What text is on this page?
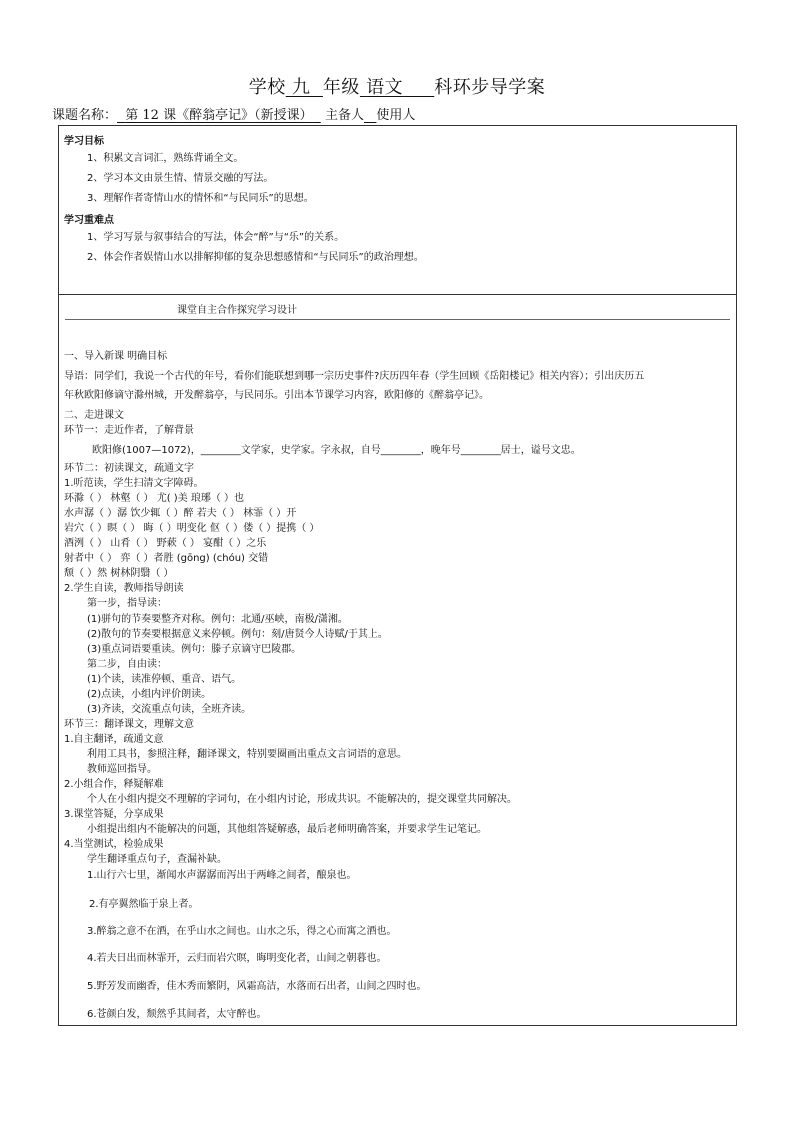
学校 九 年级 语文 科环步导学案
课题名称： 第 12 课《醉翁亭记》（新授课） 主备人 使用人
学习目标
1、积累文言词汇，熟练背诵全文。
2、学习本文由景生情、情景交融的写法。
3、理解作者寄情山水的情怀和“与民同乐”的思想。
学习重难点
1、学习写景与叙事结合的写法，体会“醉”与“乐”的关系。
2、体会作者娱情山水以排解抑郁的复杂思想感情和“与民同乐”的政治理想。
课堂自主合作探究学习设计
一、导入新课 明确目标
导语：同学们，我说一个古代的年号，看你们能联想到哪一宗历史事件?庆历四年春（学生回顾《岳阳楼记》相关内容）；引出庆历五
年秋欧阳修谪守滁州城，开发醉翁亭，与民同乐。引出本节课学习内容，欧阳修的《醉翁亭记》。
二、走进课文
环节一：走近作者，了解背景
欧阳修(1007—1072)，________文学家，史学家。字永叔，自号________，晚年号________居士，谥号文忠。
环节二：初读课文，疏通文字
1.听范读，学生扫清文字障碍。
环滁（ ） 林壑（ ） 尤( )美 琅琊（ ）也
水声潺（ ）潺 饮少辄（ ）醉 若夫（ ） 林霏（ ）开
岩穴（ ）暝（ ） 晦（ ）明变化 伛（ ）偻（ ）提携（ ）
酒洌（ ） 山肴（ ） 野蔌（ ） 宴酣（ ）之乐
射者中（ ） 弈（ ）者胜 (gōng) (chóu) 交错
颓（ ）然 树林阴翳（ ）
2.学生自读，教师指导朗读
第一步，指导读：
(1)骈句的节奏要整齐对称。例句：北通/巫峡，南极/潇湘。
(2)散句的节奏要根据意义来停顿。例句：刻/唐贤今人诗赋/于其上。
(3)重点词语要重读。例句：滕子京谪守巴陵郡。
第二步，自由读：
(1)个读，读准停顿、重音、语气。
(2)点读，小组内评价朗读。
(3)齐读，交流重点句读，全班齐读。
环节三：翻译课文，理解文意
1.自主翻译，疏通文意
利用工具书，参照注释，翻译课文，特别要圈画出重点文言词语的意思。
教师巡回指导。
2.小组合作，释疑解难
个人在小组内提交不理解的字词句，在小组内讨论，形成共识。不能解决的，提交课堂共同解决。
3.课堂答疑，分享成果
小组提出组内不能解决的问题，其他组答疑解惑，最后老师明确答案，并要求学生记笔记。
4.当堂测试，检验成果
学生翻译重点句子，查漏补缺。
1.山行六七里，渐闻水声潺潺而泻出于两峰之间者，酿泉也。
2.有亭翼然临于泉上者。
3.醉翁之意不在酒，在乎山水之间也。山水之乐，得之心而寓之酒也。
4.若夫日出而林霏开，云归而岩穴暝，晦明变化者，山间之朝暮也。
5.野芳发而幽香，佳木秀而繁阴，风霜高洁，水落而石出者，山间之四时也。
6.苍颜白发，颓然乎其间者，太守醉也。
